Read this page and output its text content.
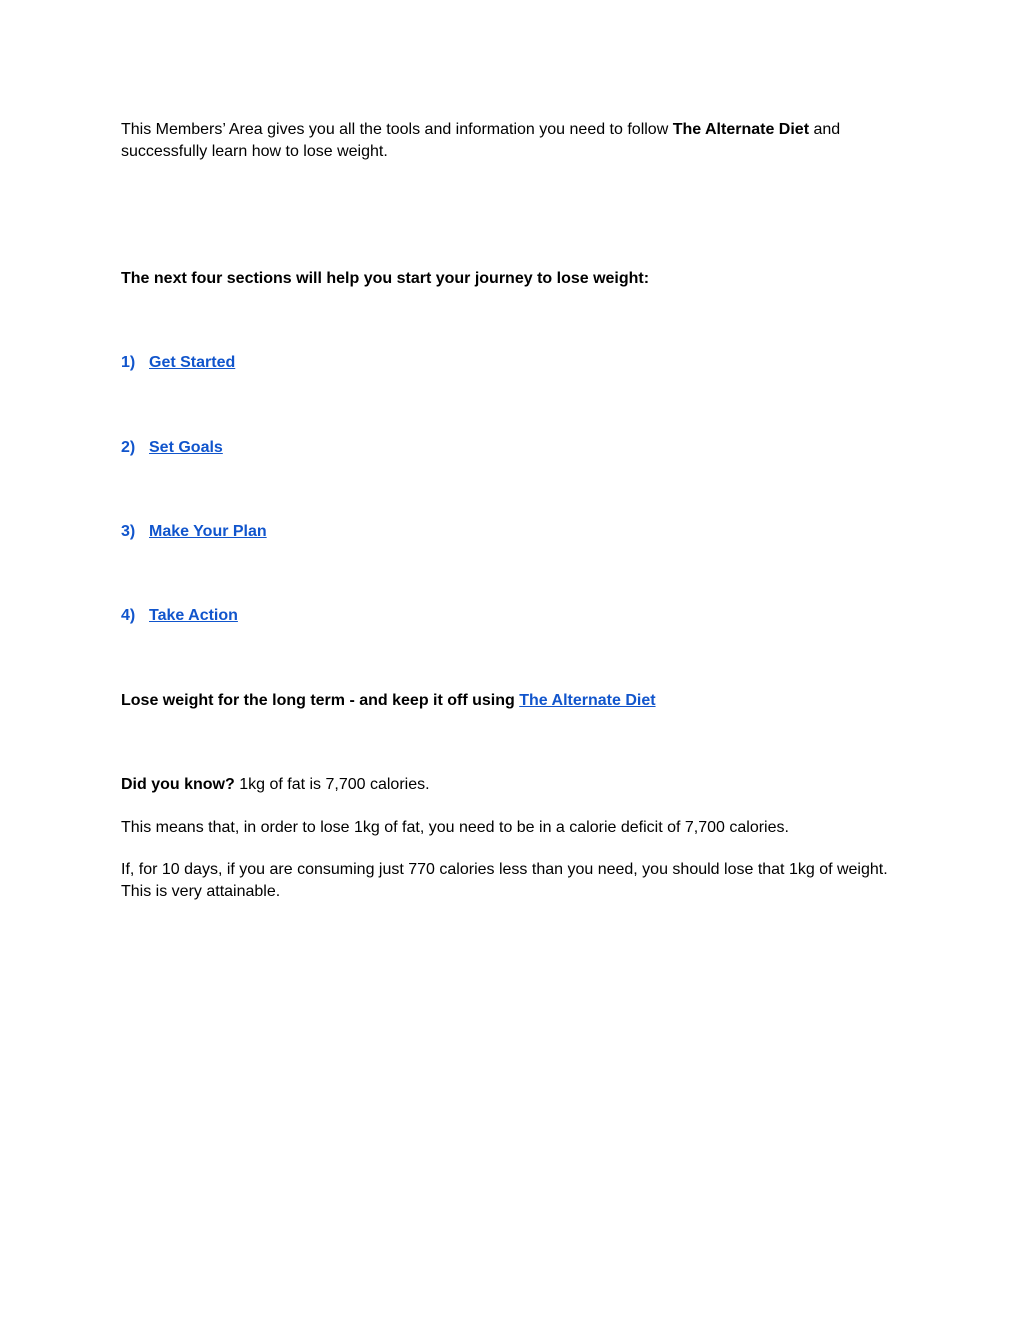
This Members’ Area gives you all the tools and information you need to follow The Alternate Diet and successfully learn how to lose weight.
The next four sections will help you start your journey to lose weight:
1) Get Started
2) Set Goals
3) Make Your Plan
4) Take Action
Lose weight for the long term - and keep it off using The Alternate Diet
Did you know? 1kg of fat is 7,700 calories.
This means that, in order to lose 1kg of fat, you need to be in a calorie deficit of 7,700 calories.
If, for 10 days, if you are consuming just 770 calories less than you need, you should lose that 1kg of weight. This is very attainable.
